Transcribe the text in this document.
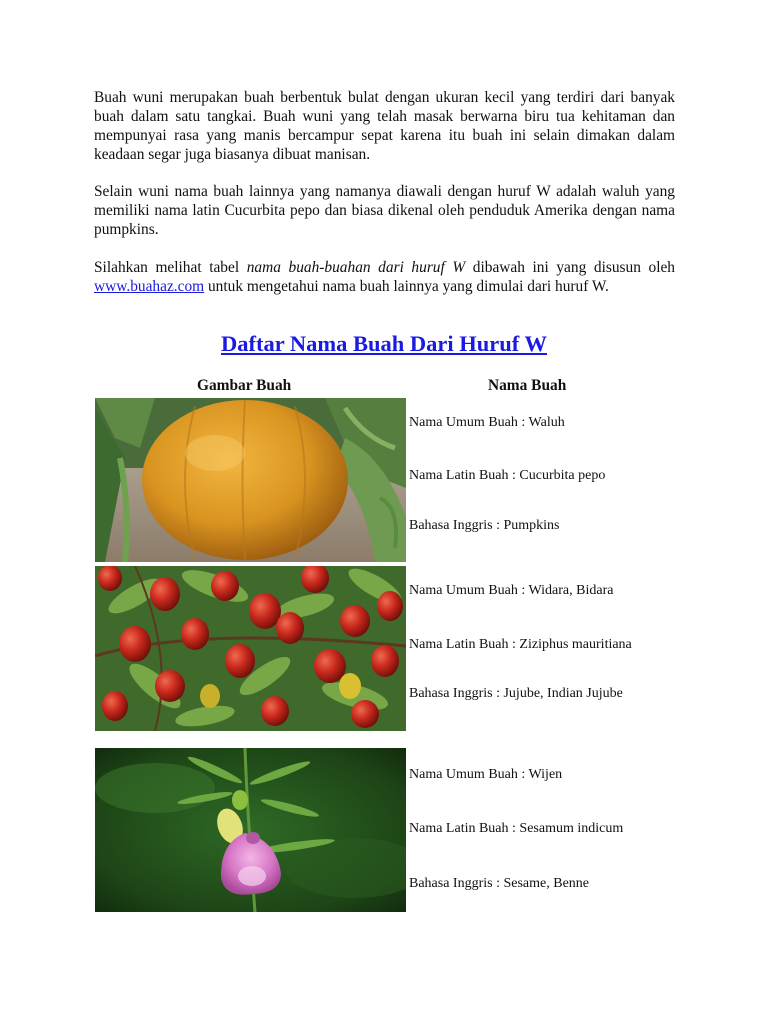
Buah wuni merupakan buah berbentuk bulat dengan ukuran kecil yang terdiri dari banyak buah dalam satu tangkai. Buah wuni yang telah masak berwarna biru tua kehitaman dan mempunyai rasa yang manis bercampur sepat karena itu buah ini selain dimakan dalam keadaan segar juga biasanya dibuat manisan.

Selain wuni nama buah lainnya yang namanya diawali dengan huruf W adalah waluh yang memiliki nama latin Cucurbita pepo dan biasa dikenal oleh penduduk Amerika dengan nama pumpkins.

Silahkan melihat tabel nama buah-buahan dari huruf W dibawah ini yang disusun oleh www.buahaz.com untuk mengetahui nama buah lainnya yang dimulai dari huruf W.

Daftar Nama Buah Dari Huruf W
Gambar Buah	Nama Buah
Nama Umum Buah : Waluh
Nama Latin Buah : Cucurbita pepo
Bahasa Inggris : Pumpkins
Nama Umum Buah : Widara, Bidara
Nama Latin Buah : Ziziphus mauritiana
Bahasa Inggris : Jujube, Indian Jujube
Nama Umum Buah : Wijen
Nama Latin Buah : Sesamum indicum
Bahasa Inggris : Sesame, Benne
